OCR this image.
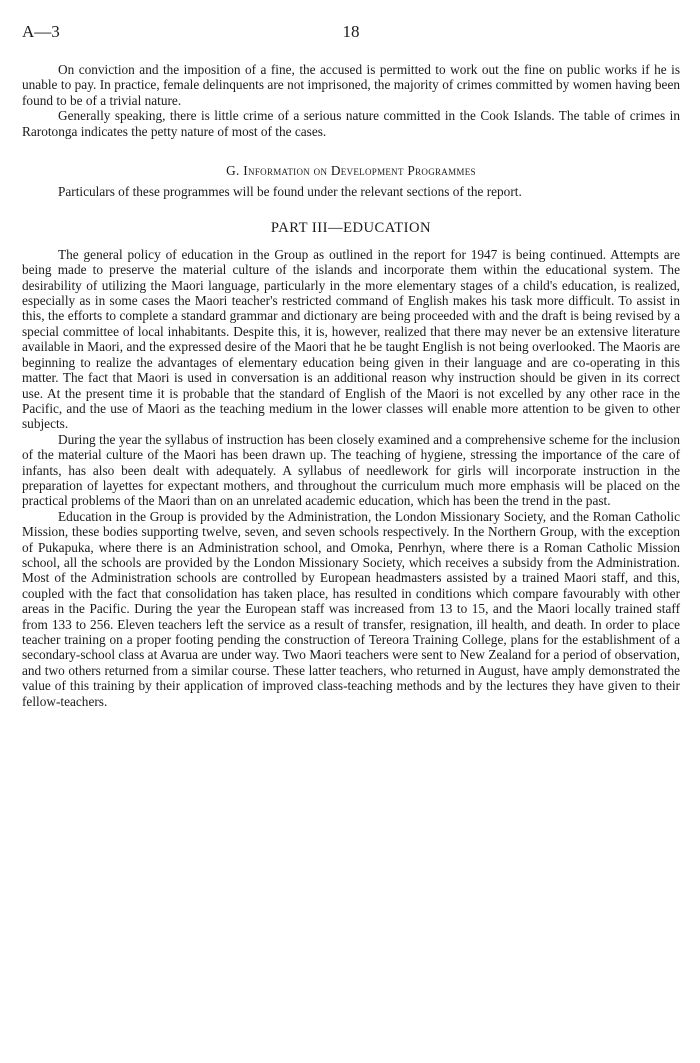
A—3	18

On conviction and the imposition of a fine, the accused is permitted to work out the fine on public works if he is unable to pay. In practice, female delinquents are not imprisoned, the majority of crimes committed by women having been found to be of a trivial nature.

Generally speaking, there is little crime of a serious nature committed in the Cook Islands. The table of crimes in Rarotonga indicates the petty nature of most of the cases.

G. Information on Development Programmes

Particulars of these programmes will be found under the relevant sections of the report.

PART III—EDUCATION

The general policy of education in the Group as outlined in the report for 1947 is being continued. Attempts are being made to preserve the material culture of the islands and incorporate them within the educational system. The desirability of utilizing the Maori language, particularly in the more elementary stages of a child's education, is realized, especially as in some cases the Maori teacher's restricted command of English makes his task more difficult. To assist in this, the efforts to complete a standard grammar and dictionary are being proceeded with and the draft is being revised by a special committee of local inhabitants. Despite this, it is, however, realized that there may never be an extensive literature available in Maori, and the expressed desire of the Maori that he be taught English is not being overlooked. The Maoris are beginning to realize the advantages of elementary education being given in their language and are co-operating in this matter. The fact that Maori is used in conversation is an additional reason why instruction should be given in its correct use. At the present time it is probable that the standard of English of the Maori is not excelled by any other race in the Pacific, and the use of Maori as the teaching medium in the lower classes will enable more attention to be given to other subjects.

During the year the syllabus of instruction has been closely examined and a comprehensive scheme for the inclusion of the material culture of the Maori has been drawn up. The teaching of hygiene, stressing the importance of the care of infants, has also been dealt with adequately. A syllabus of needlework for girls will incorporate instruction in the preparation of layettes for expectant mothers, and throughout the curriculum much more emphasis will be placed on the practical problems of the Maori than on an unrelated academic education, which has been the trend in the past.

Education in the Group is provided by the Administration, the London Missionary Society, and the Roman Catholic Mission, these bodies supporting twelve, seven, and seven schools respectively. In the Northern Group, with the exception of Pukapuka, where there is an Administration school, and Omoka, Penrhyn, where there is a Roman Catholic Mission school, all the schools are provided by the London Missionary Society, which receives a subsidy from the Administration. Most of the Administration schools are controlled by European headmasters assisted by a trained Maori staff, and this, coupled with the fact that consolidation has taken place, has resulted in conditions which compare favourably with other areas in the Pacific. During the year the European staff was increased from 13 to 15, and the Maori locally trained staff from 133 to 256. Eleven teachers left the service as a result of transfer, resignation, ill health, and death. In order to place teacher training on a proper footing pending the construction of Tereora Training College, plans for the establishment of a secondary-school class at Avarua are under way. Two Maori teachers were sent to New Zealand for a period of observation, and two others returned from a similar course. These latter teachers, who returned in August, have amply demonstrated the value of this training by their application of improved class-teaching methods and by the lectures they have given to their fellow-teachers.
